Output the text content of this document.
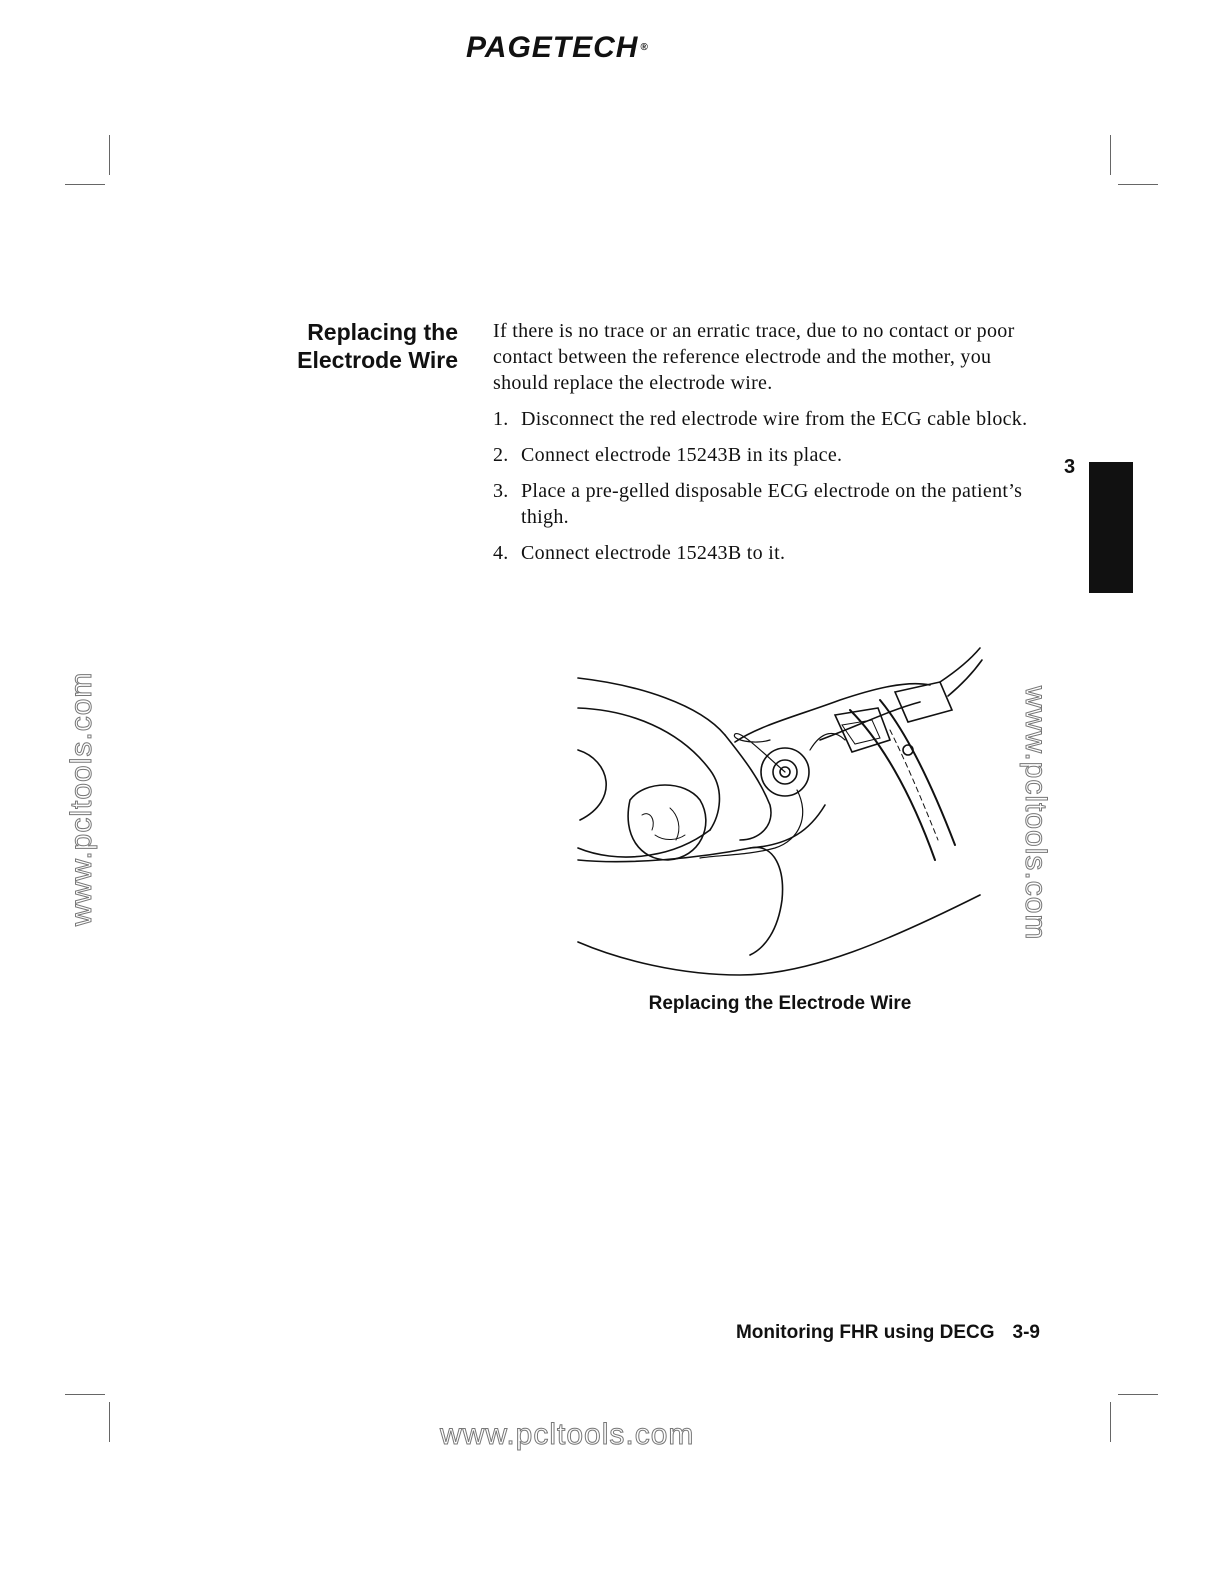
PAGETECH ®
Replacing the
Electrode Wire

If there is no trace or an erratic trace, due to no contact or poor contact between the reference electrode and the mother, you should replace the electrode wire.

1. Disconnect the red electrode wire from the ECG cable block.
2. Connect electrode 15243B in its place.
3. Place a pre-gelled disposable ECG electrode on the patient’s thigh.
4. Connect electrode 15243B to it.
3
Replacing the Electrode Wire
www.pcltools.com	www.pcltools.com
www.pcltools.com
Monitoring FHR using DECG 3-9
